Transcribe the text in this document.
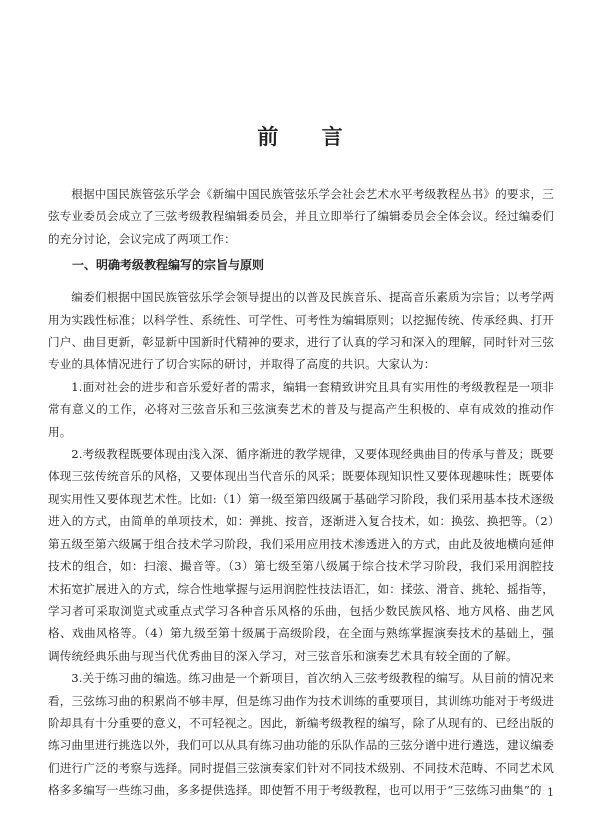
前 言

根据中国民族管弦乐学会《新编中国民族管弦乐学会社会艺术水平考级教程丛书》的要求，三弦专业委员会成立了三弦考级教程编辑委员会，并且立即举行了编辑委员会全体会议。经过编委们的充分讨论，会议完成了两项工作：

一、明确考级教程编写的宗旨与原则

编委们根据中国民族管弦乐学会领导提出的以普及民族音乐、提高音乐素质为宗旨；以考学两用为实践性标准；以科学性、系统性、可学性、可考性为编辑原则；以挖掘传统、传承经典、打开门户、曲目更新，彰显新中国新时代精神的要求，进行了认真的学习和深入的理解，同时针对三弦专业的具体情况进行了切合实际的研讨，并取得了高度的共识。大家认为：

1.面对社会的进步和音乐爱好者的需求，编辑一套精致讲究且具有实用性的考级教程是一项非常有意义的工作，必将对三弦音乐和三弦演奏艺术的普及与提高产生积极的、卓有成效的推动作用。

2.考级教程既要体现由浅入深、循序渐进的教学规律，又要体现经典曲目的传承与普及；既要体现三弦传统音乐的风格，又要体现出当代音乐的风采；既要体现知识性又要体现趣味性；既要体现实用性又要体现艺术性。比如:（1）第一级至第四级属于基础学习阶段，我们采用基本技术逐级进入的方式，由简单的单项技术，如：弹挑、按音，逐渐进入复合技术，如：换弦、换把等。（2）第五级至第六级属于组合技术学习阶段，我们采用应用技术渗透进入的方式，由此及彼地横向延伸技术的组合，如：扫滚、撮音等。（3）第七级至第八级属于综合技术学习阶段，我们采用润腔技术拓宽扩展进入的方式，综合性地掌握与运用润腔性技法语汇，如：揉弦、滑音、挑轮、摇指等，学习者可采取浏览式或重点式学习各种音乐风格的乐曲，包括少数民族风格、地方风格、曲艺风格、戏曲风格等。（4）第九级至第十级属于高级阶段，在全面与熟练掌握演奏技术的基础上，强调传统经典乐曲与现当代优秀曲目的深入学习，对三弦音乐和演奏艺术具有较全面的了解。

3.关于练习曲的编选。练习曲是一个新项目，首次纳入三弦考级教程的编写。从目前的情况来看，三弦练习曲的积累尚不够丰厚，但是练习曲作为技术训练的重要项目，其训练功能对于考级进阶却具有十分重要的意义，不可轻视之。因此，新编考级教程的编写，除了从现有的、已经出版的练习曲里进行挑选以外，我们可以从具有练习曲功能的乐队作品的三弦分谱中进行遴选，建议编委们进行广泛的考察与选择。同时提倡三弦演奏家们针对不同技术级别、不同技术范畴、不同艺术风格多多编写一些练习曲，多多提供选择。即使暂不用于考级教程，也可以用于“三弦练习曲集”的 1
